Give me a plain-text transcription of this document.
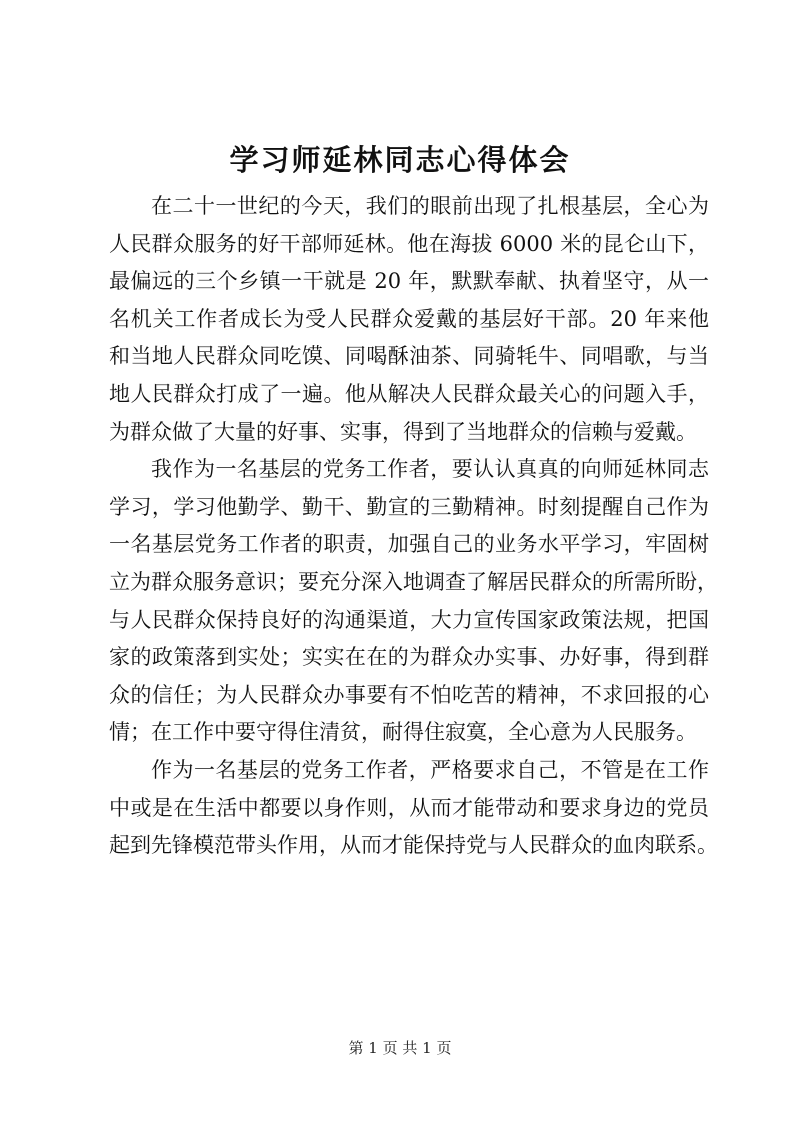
学习师延林同志心得体会
在二十一世纪的今天，我们的眼前出现了扎根基层，全心为
人民群众服务的好干部师延林。他在海拔 6000 米的昆仑山下，
最偏远的三个乡镇一干就是 20 年，默默奉献、执着坚守，从一
名机关工作者成长为受人民群众爱戴的基层好干部。20 年来他
和当地人民群众同吃馍、同喝酥油茶、同骑牦牛、同唱歌，与当
地人民群众打成了一遍。他从解决人民群众最关心的问题入手，
为群众做了大量的好事、实事，得到了当地群众的信赖与爱戴。
我作为一名基层的党务工作者，要认认真真的向师延林同志
学习，学习他勤学、勤干、勤宣的三勤精神。时刻提醒自己作为
一名基层党务工作者的职责，加强自己的业务水平学习，牢固树
立为群众服务意识；要充分深入地调查了解居民群众的所需所盼，
与人民群众保持良好的沟通渠道，大力宣传国家政策法规，把国
家的政策落到实处；实实在在的为群众办实事、办好事，得到群
众的信任；为人民群众办事要有不怕吃苦的精神，不求回报的心
情；在工作中要守得住清贫，耐得住寂寞，全心意为人民服务。
作为一名基层的党务工作者，严格要求自己，不管是在工作
中或是在生活中都要以身作则，从而才能带动和要求身边的党员
起到先锋模范带头作用，从而才能保持党与人民群众的血肉联系。
第 1 页 共 1 页
